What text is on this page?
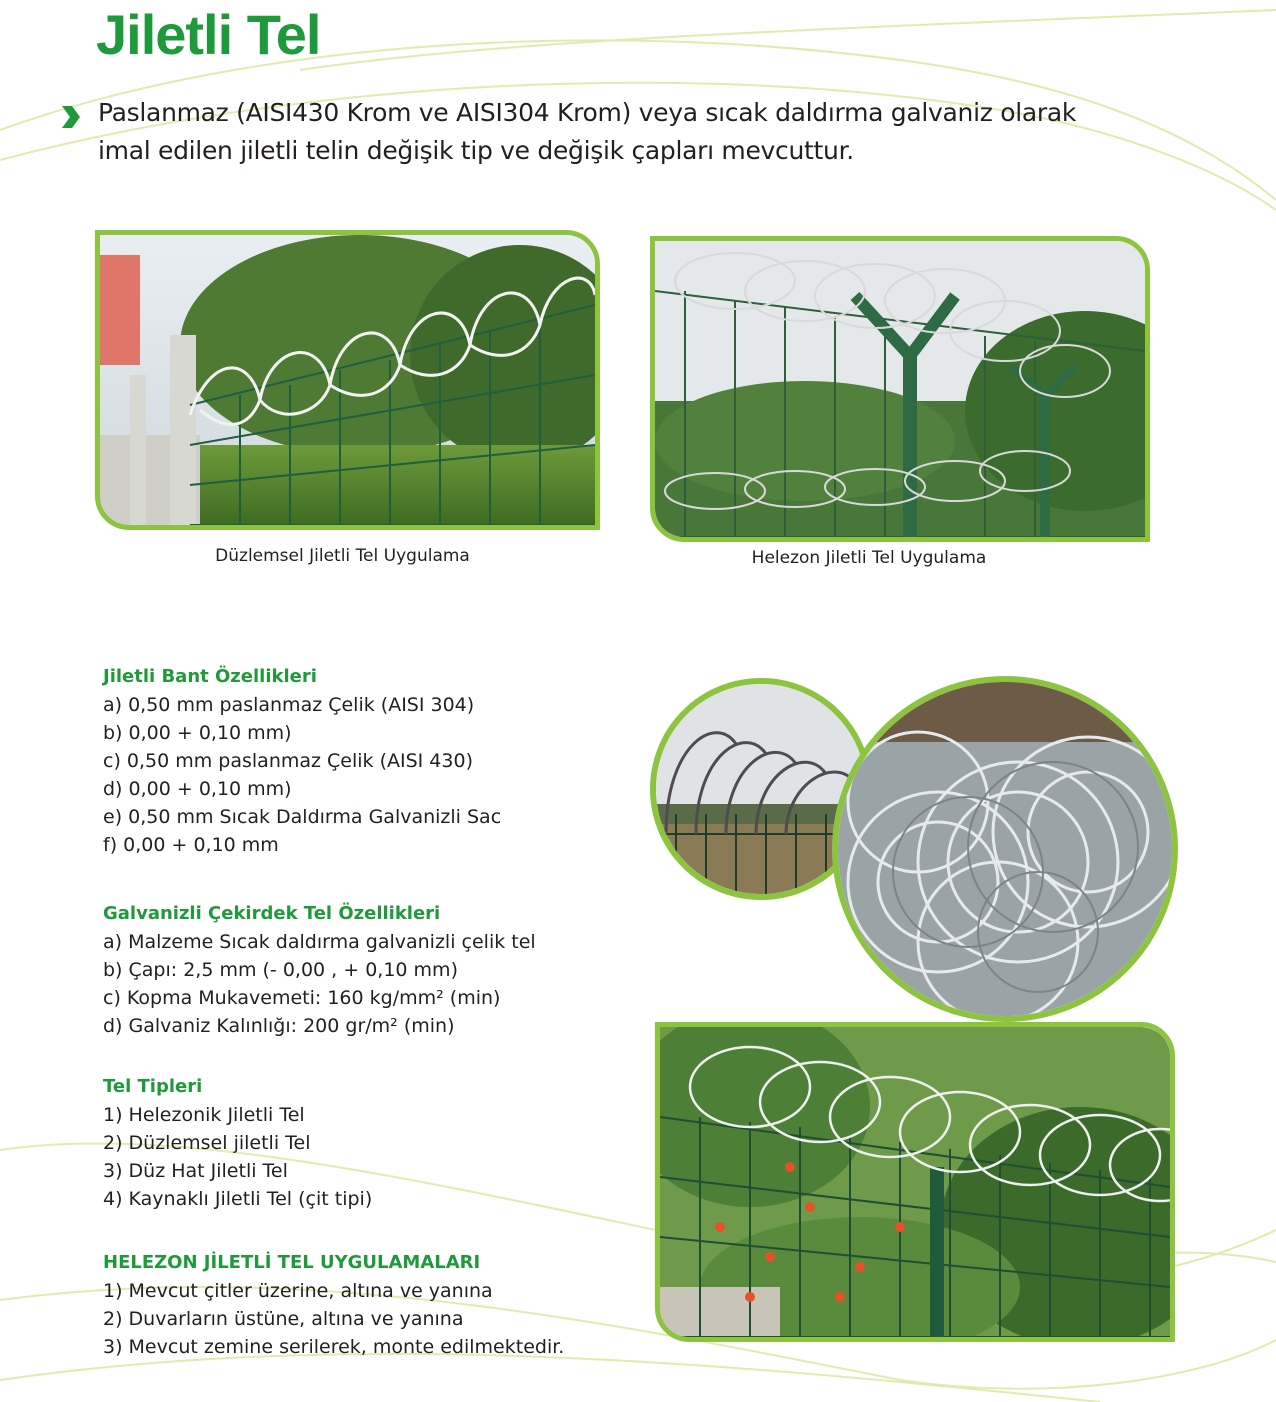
Jiletli Tel

Paslanmaz (AISI430 Krom ve AISI304 Krom) veya sıcak daldırma galvaniz olarak imal edilen jiletli telin değişik tip ve değişik çapları mevcuttur.

Düzlemsel Jiletli Tel Uygulama	Helezon Jiletli Tel Uygulama
Jiletli Bant Özellikleri
a) 0,50 mm paslanmaz Çelik (AISI 304)
b) 0,00 + 0,10 mm)
c) 0,50 mm paslanmaz Çelik (AISI 430)
d) 0,00 + 0,10 mm)
e) 0,50 mm Sıcak Daldırma Galvanizli Sac
f) 0,00 + 0,10 mm
Galvanizli Çekirdek Tel Özellikleri
a) Malzeme Sıcak daldırma galvanizli çelik tel
b) Çapı: 2,5 mm (- 0,00 , + 0,10 mm)
c) Kopma Mukavemeti: 160 kg/mm² (min)
d) Galvaniz Kalınlığı: 200 gr/m² (min)
Tel Tipleri
1) Helezonik Jiletli Tel
2) Düzlemsel jiletli Tel
3) Düz Hat Jiletli Tel
4) Kaynaklı Jiletli Tel (çit tipi)
HELEZON JİLETLİ TEL UYGULAMALARI
1) Mevcut çitler üzerine, altına ve yanına
2) Duvarların üstüne, altına ve yanına
3) Mevcut zemine serilerek, monte edilmektedir.
